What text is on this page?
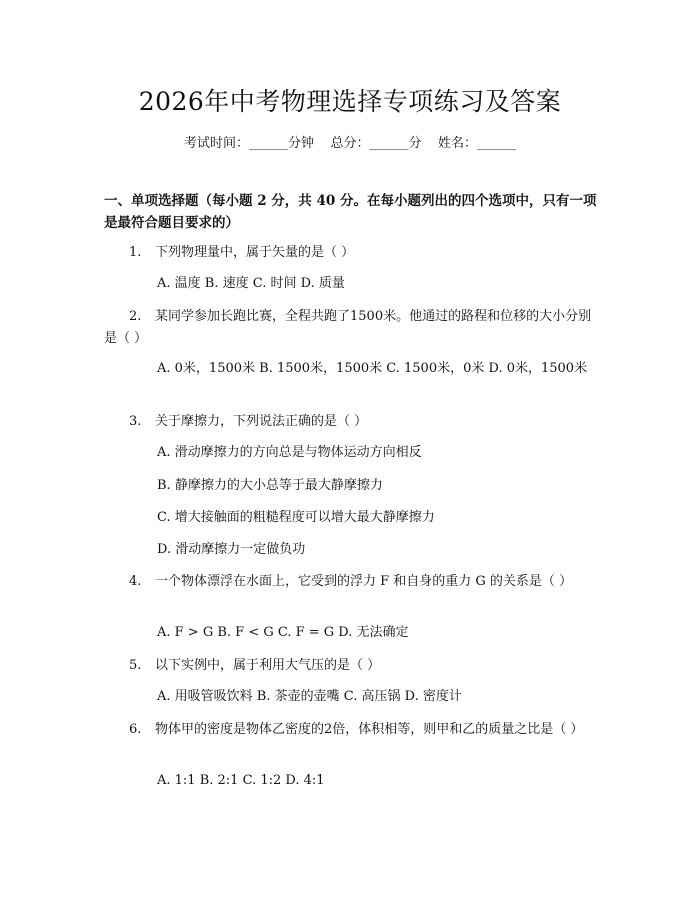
2026年中考物理选择专项练习及答案
考试时间：______分钟    总分：______分    姓名：______
一、单项选择题（每小题 2 分，共 40 分。在每小题列出的四个选项中，只有一项是最符合题目要求的）
1. 下列物理量中，属于矢量的是（ ）
A. 温度 B. 速度 C. 时间 D. 质量
2. 某同学参加长跑比赛，全程共跑了1500米。他通过的路程和位移的大小分别是（ ）
A. 0米，1500米 B. 1500米，1500米 C. 1500米，0米 D. 0米，1500米
3. 关于摩擦力，下列说法正确的是（ ）
A. 滑动摩擦力的方向总是与物体运动方向相反
B. 静摩擦力的大小总等于最大静摩擦力
C. 增大接触面的粗糙程度可以增大最大静摩擦力
D. 滑动摩擦力一定做负功
4. 一个物体漂浮在水面上，它受到的浮力 F 和自身的重力 G 的关系是（ ）
A. F > G B. F < G C. F = G D. 无法确定
5. 以下实例中，属于利用大气压的是（ ）
A. 用吸管吸饮料 B. 茶壶的壶嘴 C. 高压锅 D. 密度计
6. 物体甲的密度是物体乙密度的2倍，体积相等，则甲和乙的质量之比是（ ）
A. 1:1 B. 2:1 C. 1:2 D. 4:1
